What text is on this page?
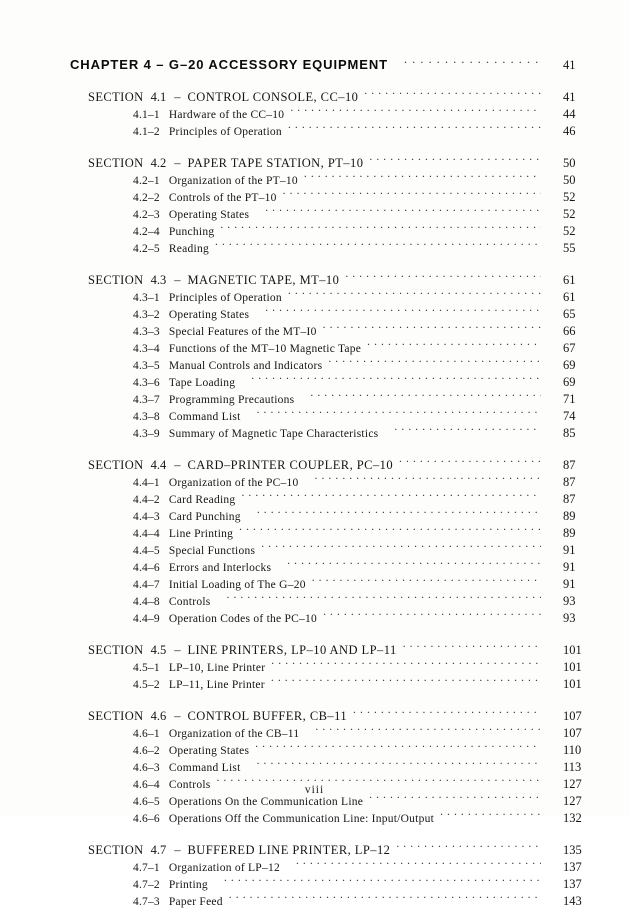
CHAPTER 4 – G–20 ACCESSORY EQUIPMENT . . .	41
SECTION 4.1 – CONTROL CONSOLE, CC–10 . . .	41
4.1–1 Hardware of the CC–10 . . .	44
4.1–2 Principles of Operation . . .	46
SECTION 4.2 – PAPER TAPE STATION, PT–10 . . .	50
4.2–1 Organization of the PT–10 . . .	50
4.2–2 Controls of the PT–10 . . .	52
4.2–3 Operating States . . .	52
4.2–4 Punching . . .	52
4.2–5 Reading . . .	55
SECTION 4.3 – MAGNETIC TAPE, MT–10 . . .	61
4.3–1 Principles of Operation . . .	61
4.3–2 Operating States . . .	65
4.3–3 Special Features of the MT–I0 . . .	66
4.3–4 Functions of the MT–10 Magnetic Tape . . .	67
4.3–5 Manual Controls and Indicators . . .	69
4.3–6 Tape Loading . . .	69
4.3–7 Programming Precautions . . .	71
4.3–8 Command List . . .	74
4.3–9 Summary of Magnetic Tape Characteristics . . .	85
SECTION 4.4 – CARD–PRINTER COUPLER, PC–10 . . .	87
4.4–1 Organization of the PC–10 . . .	87
4.4–2 Card Reading . . .	87
4.4–3 Card Punching . . .	89
4.4–4 Line Printing . . .	89
4.4–5 Special Functions . . .	91
4.4–6 Errors and Interlocks . . .	91
4.4–7 Initial Loading of The G–20 . . .	91
4.4–8 Controls . . .	93
4.4–9 Operation Codes of the PC–10 . . .	93
SECTION 4.5 – LINE PRINTERS, LP–10 AND LP–11 . . .	101
4.5–1 LP–10, Line Printer . . .	101
4.5–2 LP–11, Line Printer . . .	101
SECTION 4.6 – CONTROL BUFFER, CB–11 . . .	107
4.6–1 Organization of the CB–11 . . .	107
4.6–2 Operating States . . .	110
4.6–3 Command List . . .	113
4.6–4 Controls . . .	127
4.6–5 Operations On the Communication Line . . .	127
4.6–6 Operations Off the Communication Line: Input/Output . . .	132
SECTION 4.7 – BUFFERED LINE PRINTER, LP–12 . . .	135
4.7–1 Organization of LP–12 . . .	137
4.7–2 Printing . . .	137
4.7–3 Paper Feed . . .	143
viii
